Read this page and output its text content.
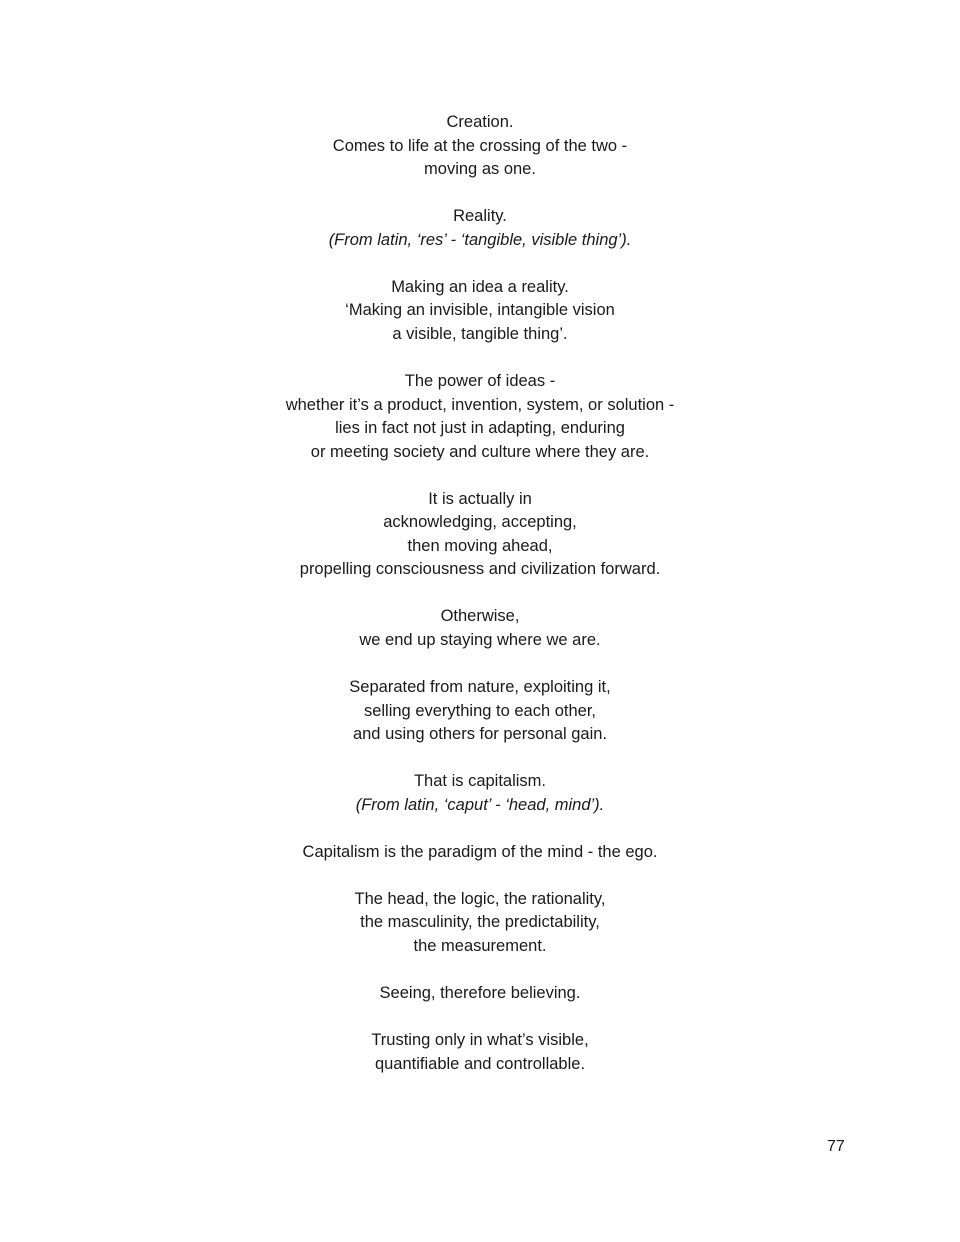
Creation.
Comes to life at the crossing of the two -
moving as one.
Reality.
(From latin, ‘res’ - ‘tangible, visible thing’).
Making an idea a reality.
‘Making an invisible, intangible vision
a visible, tangible thing’.
The power of ideas -
whether it’s a product, invention, system, or solution -
lies in fact not just in adapting, enduring
or meeting society and culture where they are.
It is actually in
acknowledging, accepting,
then moving ahead,
propelling consciousness and civilization forward.
Otherwise,
we end up staying where we are.
Separated from nature, exploiting it,
selling everything to each other,
and using others for personal gain.
That is capitalism.
(From latin, ‘caput’ - ‘head, mind’).
Capitalism is the paradigm of the mind - the ego.
The head, the logic, the rationality,
the masculinity, the predictability,
the measurement.
Seeing, therefore believing.
Trusting only in what’s visible,
quantifiable and controllable.
77
